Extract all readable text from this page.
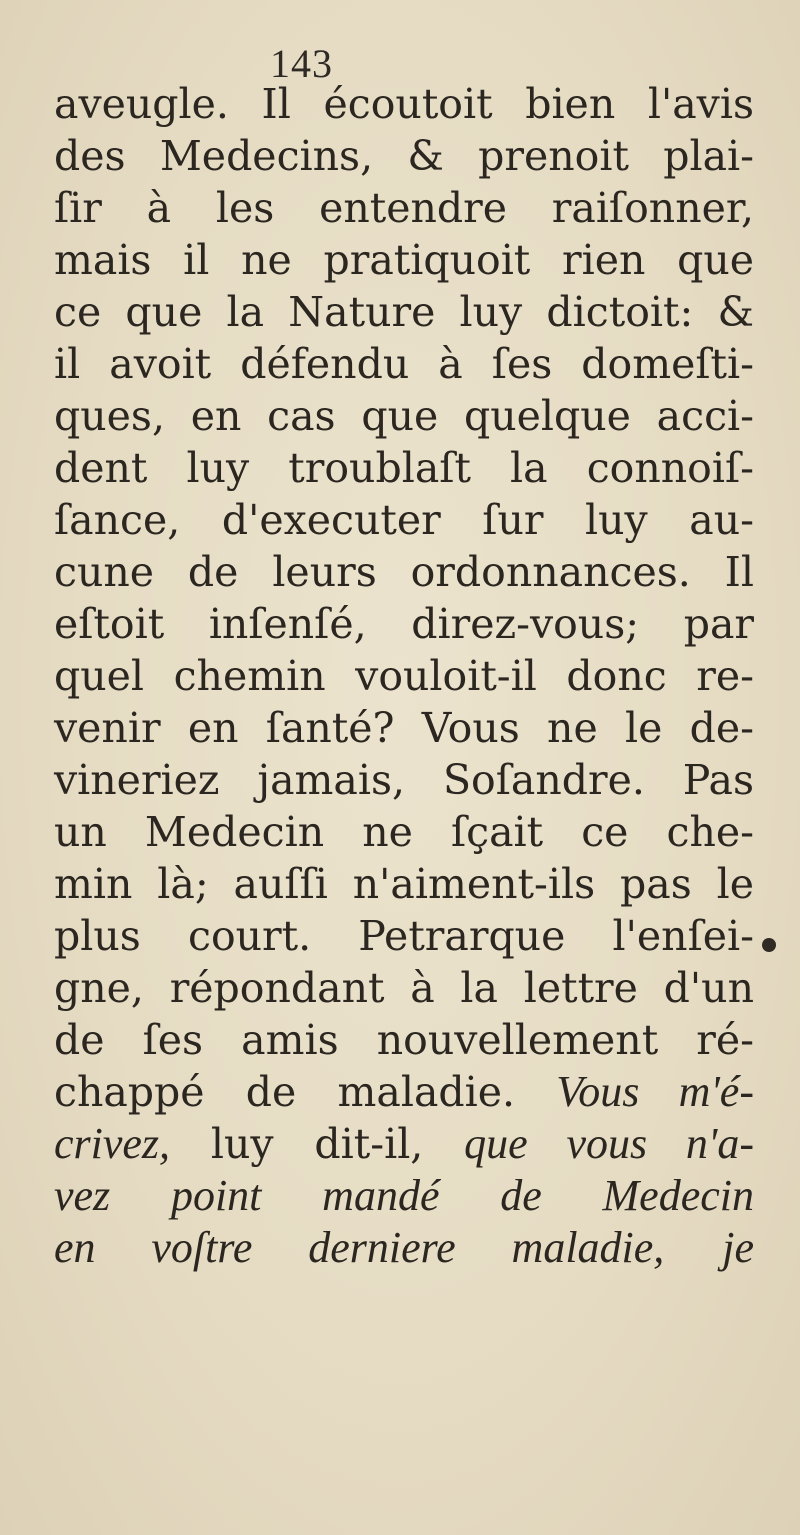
143
aveugle. Il écoutoit bien l'avis
des Medecins, & prenoit plai-
ſir à les entendre raiſonner,
mais il ne pratiquoit rien que
ce que la Nature luy dictoit: &
il avoit défendu à ſes domeſti-
ques, en cas que quelque acci-
dent luy troublaſt la connoiſ-
ſance, d'executer ſur luy au-
cune de leurs ordonnances. Il
eſtoit inſenſé, direz-vous; par
quel chemin vouloit-il donc re-
venir en ſanté? Vous ne le de-
vineriez jamais, Soſandre. Pas
un Medecin ne ſçait ce che-
min là; auſſi n'aiment-ils pas le
plus court. Petrarque l'enſei-
gne, répondant à la lettre d'un
de ſes amis nouvellement ré-
chappé de maladie. Vous m'é-
crivez, luy dit-il, que vous n'a-
vez point mandé de Medecin
en voſtre derniere maladie, je
